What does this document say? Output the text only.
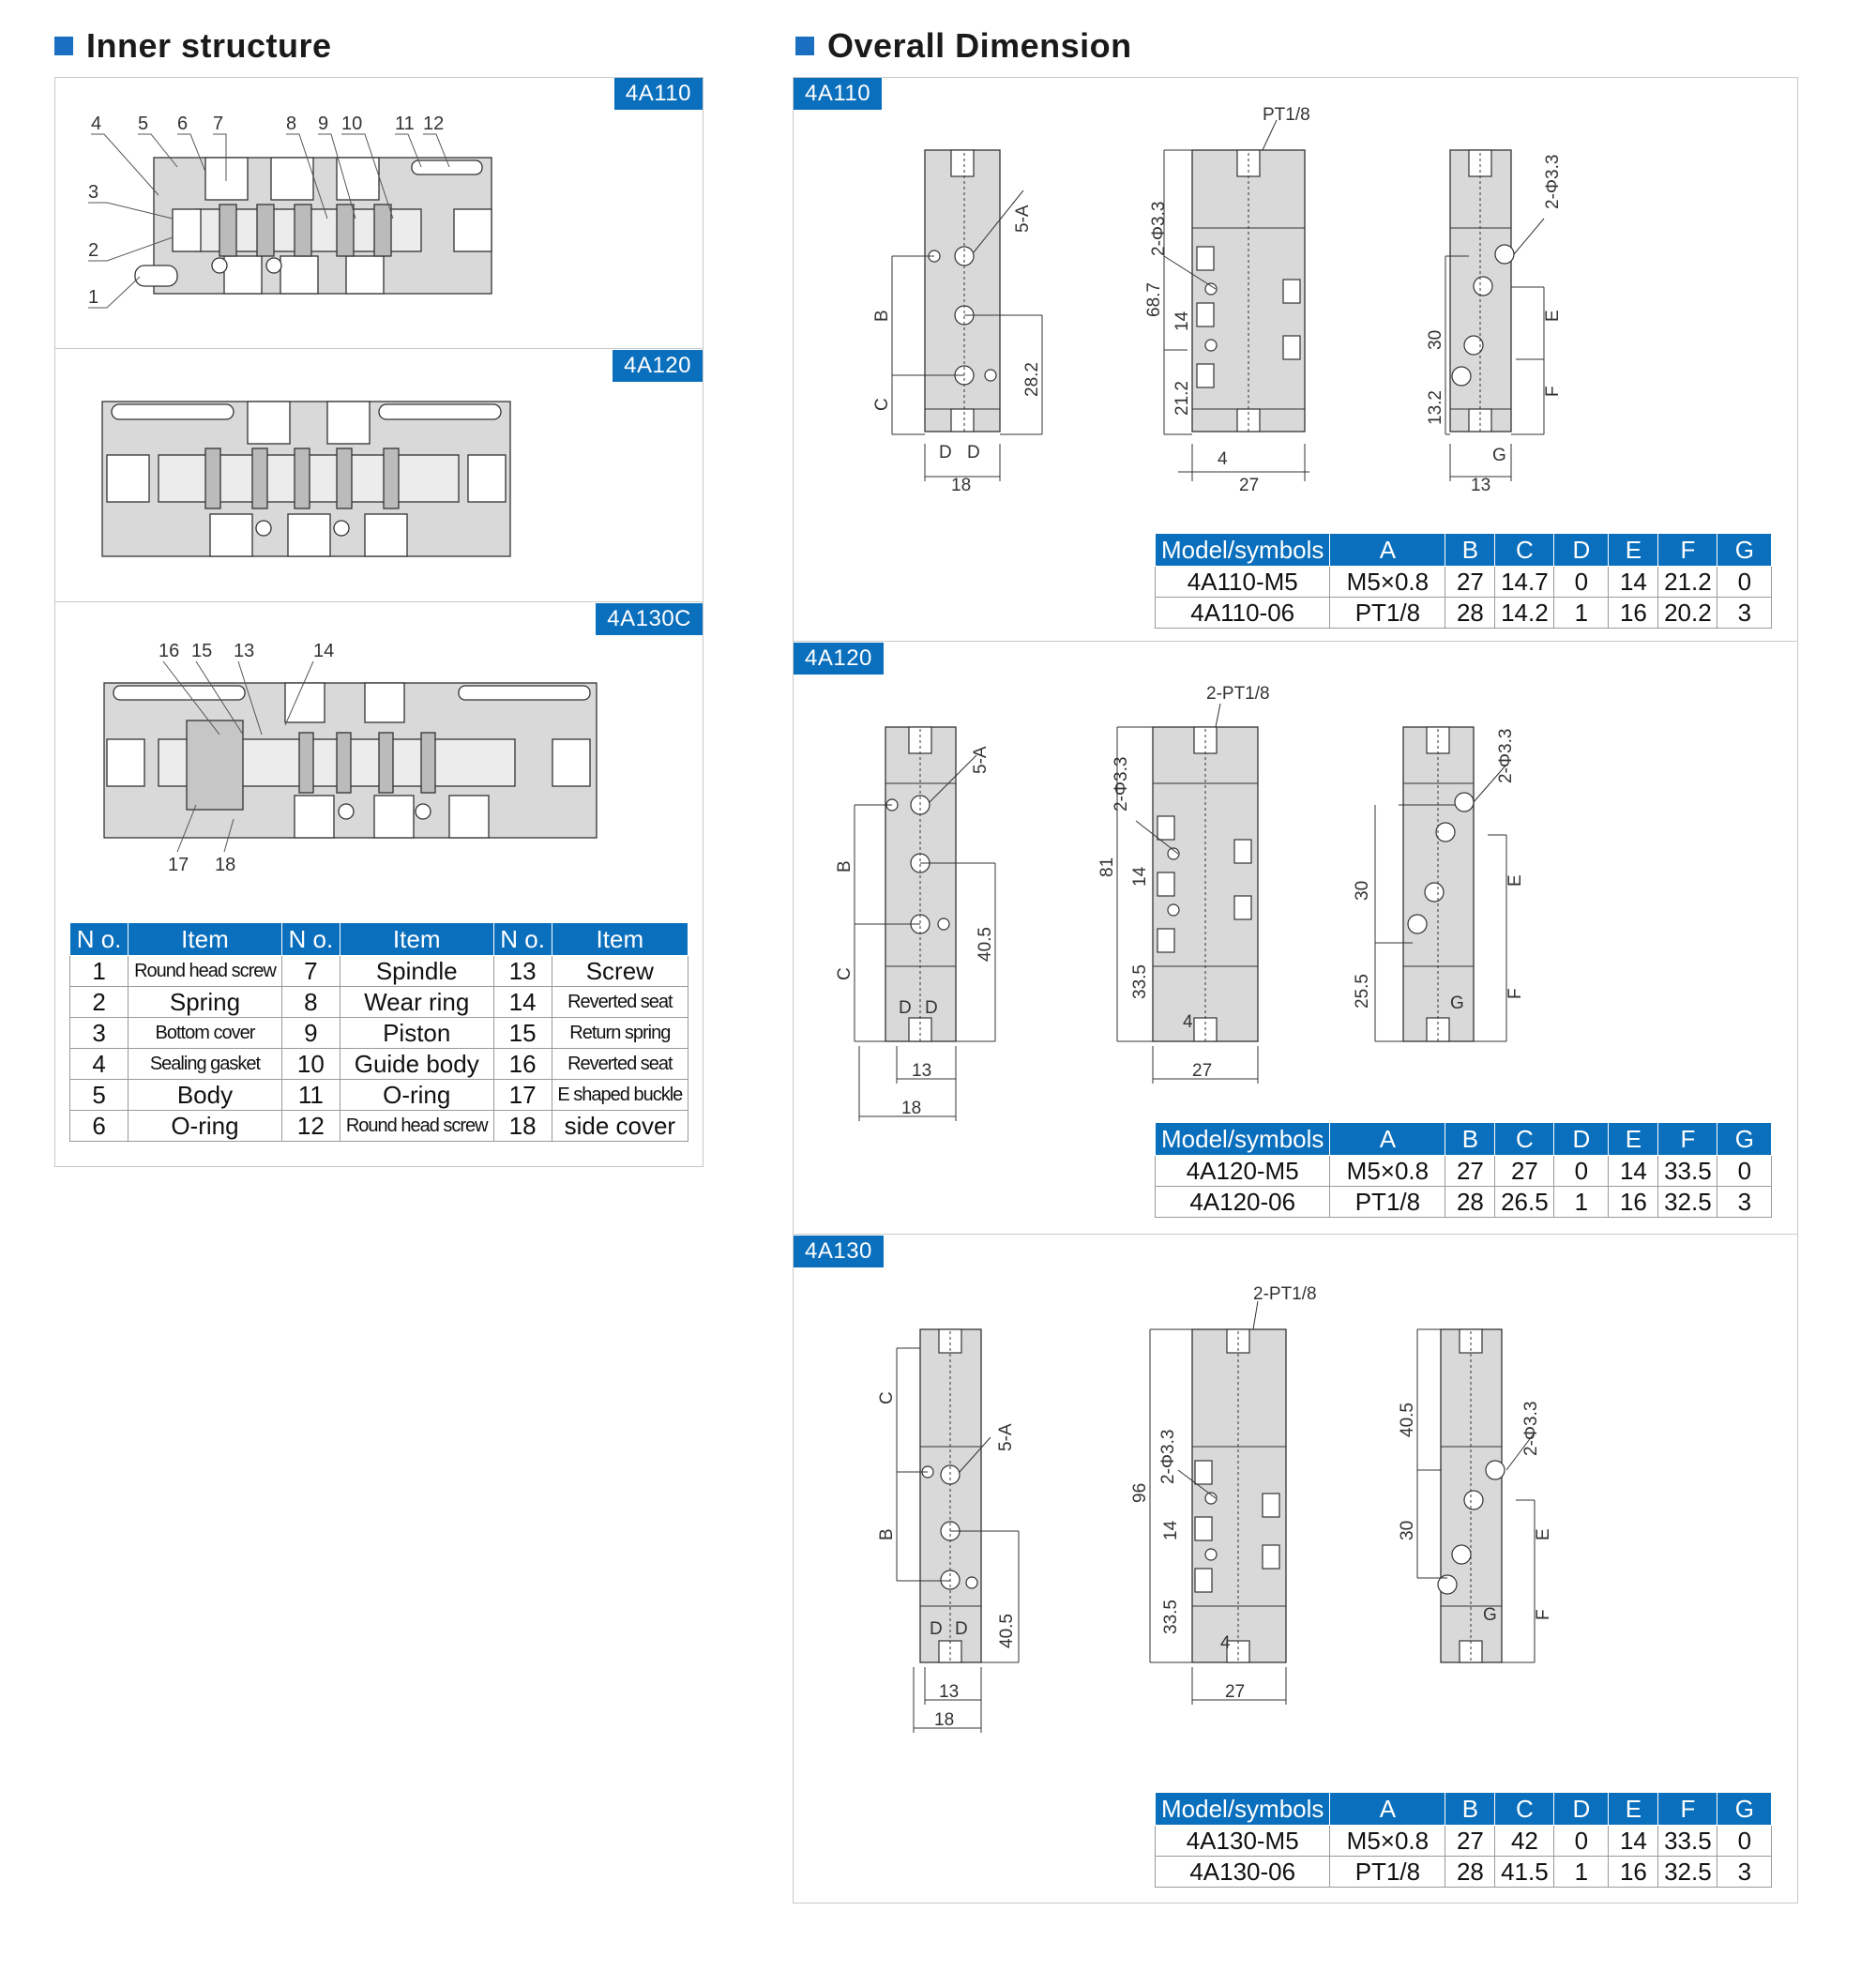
Inner structure	Overall Dimension
4A110
4 5 6 7	8 9 10 11 12
3
2
1
4A120
4A130C
16 15 13	14
17 18
N o.	Item	N o.	Item	N o.	Item
1	Round head screw	7	Spindle	13	Screw
2	Spring	8	Wear ring	14	Reverted seat
3	Bottom cover	9	Piston	15	Return spring
4	Sealing gasket	10	Guide body	16	Reverted seat
5	Body	11	O-ring	17	E shaped buckle
6	O-ring	12	Round head screw	18	side cover
4A110
5-A
B
C
D D
28.2
18
PT1/8
2-Φ3.3
68.7
14
21.2
4
27
2-Φ3.3
30
13.2
E
F
G
13
Model/symbols	A	B	C	D	E	F	G
4A110-M5	M5×0.8	27	14.7	0	14	21.2	0
4A110-06	PT1/8	28	14.2	1	16	20.2	3
4A120
5-A
B
C
D D
40.5
13
18
2-PT1/8
2-Φ3.3
81 14
33.5
4
27
2-Φ3.3
30
25.5
E
F
G
Model/symbols	A	B	C	D	E	F	G
4A120-M5	M5×0.8	27	27	0	14	33.5	0
4A120-06	PT1/8	28	26.5	1	16	32.5	3
4A130
5-A
B
C
D D 40.5
13
18
2-PT1/8
2-Φ3.3
96
14
33.5
4
27
2-Φ3.3
40.5
30	E
F
G
Model/symbols	A	B	C	D	E	F	G
4A130-M5	M5×0.8	27	42	0	14	33.5	0
4A130-06	PT1/8	28	41.5	1	16	32.5	3
